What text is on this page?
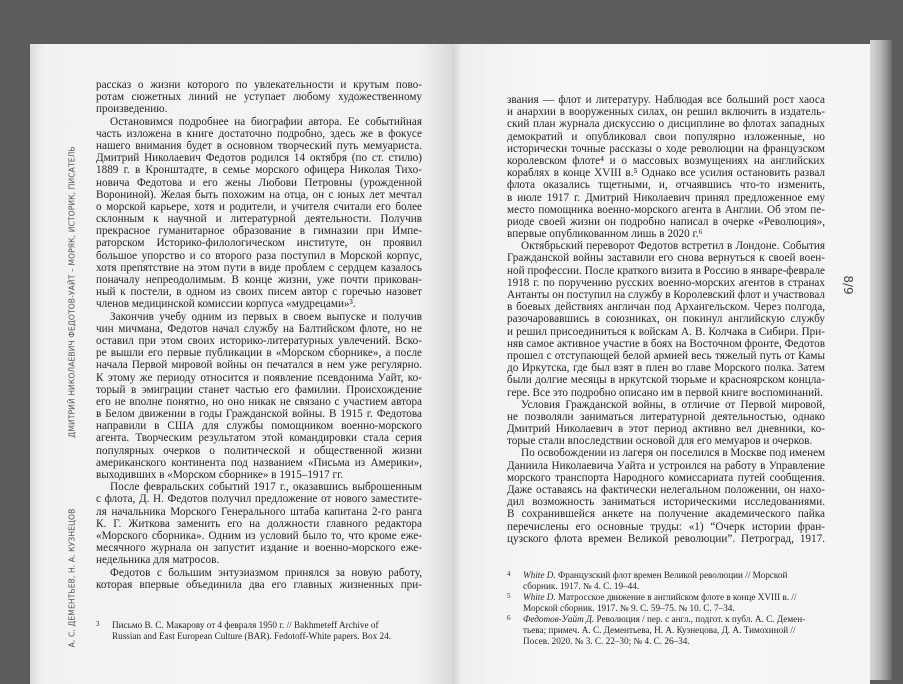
ДМИТРИЙ НИКОЛАЕВИЧ ФЕДОТОВ-УАЙТ – МОРЯК, ИСТОРИК, ПИСАТЕЛЬ
А. С. ДЕМЕНТЬЕВ, Н. А. КУЗНЕЦОВ
8/9
рассказ о жизни которого по увлекательности и крутым пово-
ротам сюжетных линий не уступает любому художественному
произведению.
Остановимся подробнее на биографии автора. Ее событийная
часть изложена в книге достаточно подробно, здесь же в фокусе
нашего внимания будет в основном творческий путь мемуариста.
Дмитрий Николаевич Федотов родился 14 октября (по ст. стилю)
1889 г. в Кронштадте, в семье морского офицера Николая Тихо-
новича Федотова и его жены Любови Петровны (урожденной
Ворониной). Желая быть похожим на отца, он с юных лет мечтал
о морской карьере, хотя и родители, и учителя считали его более
склонным к научной и литературной деятельности. Получив
прекрасное гуманитарное образование в гимназии при Импе-
раторском Историко-филологическом институте, он проявил
большое упорство и со второго раза поступил в Морской корпус,
хотя препятствие на этом пути в виде проблем с сердцем казалось
поначалу непреодолимым. В конце жизни, уже почти прикован-
ный к постели, в одном из своих писем автор с горечью назовет
членов медицинской комиссии корпуса «мудрецами»³.
Закончив учебу одним из первых в своем выпуске и получив
чин мичмана, Федотов начал службу на Балтийском флоте, но не
оставил при этом своих историко-литературных увлечений. Вско-
ре вышли его первые публикации в «Морском сборнике», а после
начала Первой мировой войны он печатался в нем уже регулярно.
К этому же периоду относится и появление псевдонима Уайт, ко-
торый в эмиграции станет частью его фамилии. Происхождение
его не вполне понятно, но оно никак не связано с участием автора
в Белом движении в годы Гражданской войны. В 1915 г. Федотова
направили в США для службы помощником военно-морского
агента. Творческим результатом этой командировки стала серия
популярных очерков о политической и общественной жизни
американского континента под названием «Письма из Америки»,
выходивших в «Морском сборнике» в 1915–1917 гг.
После февральских событий 1917 г., оказавшись выброшенным
с флота, Д. Н. Федотов получил предложение от нового заместите-
ля начальника Морского Генерального штаба капитана 2-го ранга
К. Г. Житкова заменить его на должности главного редактора
«Морского сборника». Одним из условий было то, что кроме еже-
месячного журнала он запустит издание и военно-морского еже-
недельника для матросов.
Федотов с большим энтузиазмом принялся за новую работу,
которая впервые объединила два его главных жизненных при-
3 Письмо В. С. Макарову от 4 февраля 1950 г. // Bakhmeteff Archive of
Russian and East European Culture (BAR). Fedotoff-White papers. Box 24.
звания — флот и литературу. Наблюдая все больший рост хаоса
и анархии в вооруженных силах, он решил включить в издатель-
ский план журнала дискуссию о дисциплине во флотах западных
демократий и опубликовал свои популярно изложенные, но
исторически точные рассказы о ходе революции на французском
королевском флоте⁴ и о массовых возмущениях на английских
кораблях в конце XVIII в.⁵ Однако все усилия остановить развал
флота оказались тщетными, и, отчаявшись что-то изменить,
в июле 1917 г. Дмитрий Николаевич принял предложенное ему
место помощника военно-морского агента в Англии. Об этом пе-
риоде своей жизни он подробно написал в очерке «Революция»,
впервые опубликованном лишь в 2020 г.⁶
Октябрьский переворот Федотов встретил в Лондоне. События
Гражданской войны заставили его снова вернуться к своей воен-
ной профессии. После краткого визита в Россию в январе-феврале
1918 г. по поручению русских военно-морских агентов в странах
Антанты он поступил на службу в Королевский флот и участвовал
в боевых действиях англичан под Архангельском. Через полгода,
разочаровавшись в союзниках, он покинул английскую службу
и решил присоединиться к войскам А. В. Колчака в Сибири. При-
няв самое активное участие в боях на Восточном фронте, Федотов
прошел с отступающей белой армией весь тяжелый путь от Камы
до Иркутска, где был взят в плен во главе Морского полка. Затем
были долгие месяцы в иркутской тюрьме и красноярском концла-
гере. Все это подробно описано им в первой книге воспоминаний.
Условия Гражданской войны, в отличие от Первой мировой,
не позволяли заниматься литературной деятельностью, однако
Дмитрий Николаевич в этот период активно вел дневники, ко-
торые стали впоследствии основой для его мемуаров и очерков.
По освобождении из лагеря он поселился в Москве под именем
Даниила Николаевича Уайта и устроился на работу в Управление
морского транспорта Народного комиссариата путей сообщения.
Даже оставаясь на фактически нелегальном положении, он нахо-
дил возможность заниматься историческими исследованиями.
В сохранившейся анкете на получение академического пайка
перечислены его основные труды: «1) “Очерк истории фран-
цузского флота времен Великой революции”. Петроград, 1917.
4 White D. Французский флот времен Великой революции // Морской
сборник. 1917. № 4. С. 19–44.
5 White D. Матросское движение в английском флоте в конце XVIII в. //
Морской сборник. 1917. № 9. С. 59–75. № 10. С. 7–34.
6 Федотов-Уайт Д. Революция / пер. с англ., подгот. к публ. А. С. Демен-
тьева; примеч. А. С. Дементьева, Н. А. Кузнецова, Д. А. Тимохиной //
Посев. 2020. № 3. С. 22–30; № 4. С. 26–34.
